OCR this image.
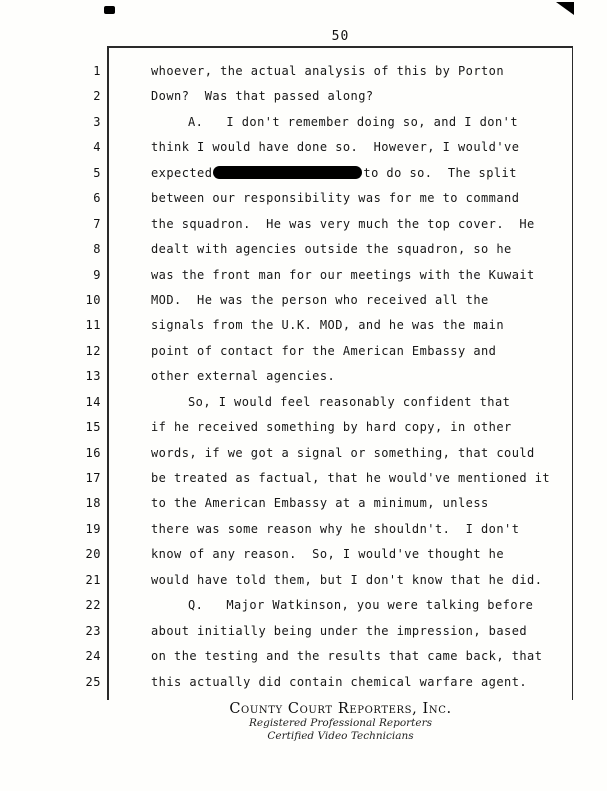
50
1	whoever, the actual analysis of this by Porton
2	Down?  Was that passed along?
3	A.   I don't remember doing so, and I don't
4	think I would have done so.  However, I would've
5	expected	to do so.  The split
6	between our responsibility was for me to command
7	the squadron.  He was very much the top cover.  He
8	dealt with agencies outside the squadron, so he
9	was the front man for our meetings with the Kuwait
10	MOD.  He was the person who received all the
11	signals from the U.K. MOD, and he was the main
12	point of contact for the American Embassy and
13	other external agencies.
14	So, I would feel reasonably confident that
15	if he received something by hard copy, in other
16	words, if we got a signal or something, that could
17	be treated as factual, that he would've mentioned it
18	to the American Embassy at a minimum, unless
19	there was some reason why he shouldn't.  I don't
20	know of any reason.  So, I would've thought he
21	would have told them, but I don't know that he did.
22	Q.   Major Watkinson, you were talking before
23	about initially being under the impression, based
24	on the testing and the results that came back, that
25	this actually did contain chemical warfare agent.
County Court Reporters, Inc.
Registered Professional Reporters
Certified Video Technicians
